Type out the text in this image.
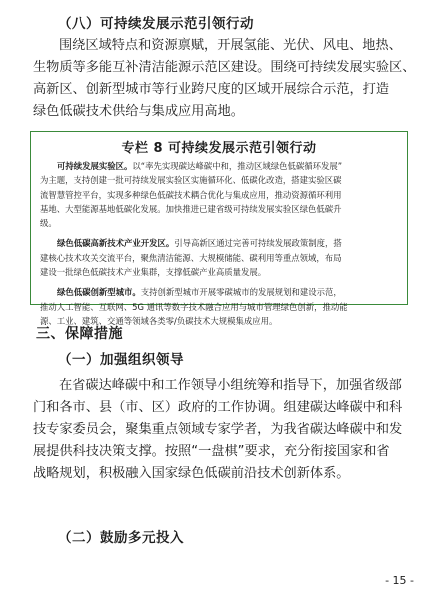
（八）可持续发展示范引领行动
围绕区域特点和资源禀赋，开展氢能、光伏、风电、地热、
生物质等多能互补清洁能源示范区建设。围绕可持续发展实验区、
高新区、创新型城市等行业跨尺度的区域开展综合示范，打造
绿色低碳技术供给与集成应用高地。
专栏 8 可持续发展示范引领行动
可持续发展实验区。以“率先实现碳达峰碳中和，推动区域绿色低碳循环发展”
为主题，支持创建一批可持续发展实验区实施循环化、低碳化改造，搭建实验区碳
流智慧管控平台，实现多种绿色低碳技术耦合优化与集成应用，推动资源循环利用
基地、大型能源基地低碳化发展。加快推进已建省级可持续发展实验区绿色低碳升
级。
绿色低碳高新技术产业开发区。引导高新区通过完善可持续发展政策制度，搭
建核心技术攻关交流平台，聚焦清洁能源、大规模储能、碳利用等重点领域，布局
建设一批绿色低碳技术产业集群，支撑低碳产业高质量发展。
绿色低碳创新型城市。支持创新型城市开展零碳城市的发展规划和建设示范，
推动人工智能、互联网、5G 通讯等数字技术融合应用与城市管理绿色创新，推动能
源、工业、建筑、交通等领域各类零/负碳技术大规模集成应用。
三、保障措施
（一）加强组织领导
在省碳达峰碳中和工作领导小组统筹和指导下，加强省级部
门和各市、县（市、区）政府的工作协调。组建碳达峰碳中和科
技专家委员会，聚集重点领域专家学者，为我省碳达峰碳中和发
展提供科技决策支撑。按照“一盘棋”要求，充分衔接国家和省
战略规划，积极融入国家绿色低碳前沿技术创新体系。
（二）鼓励多元投入
- 15 -
